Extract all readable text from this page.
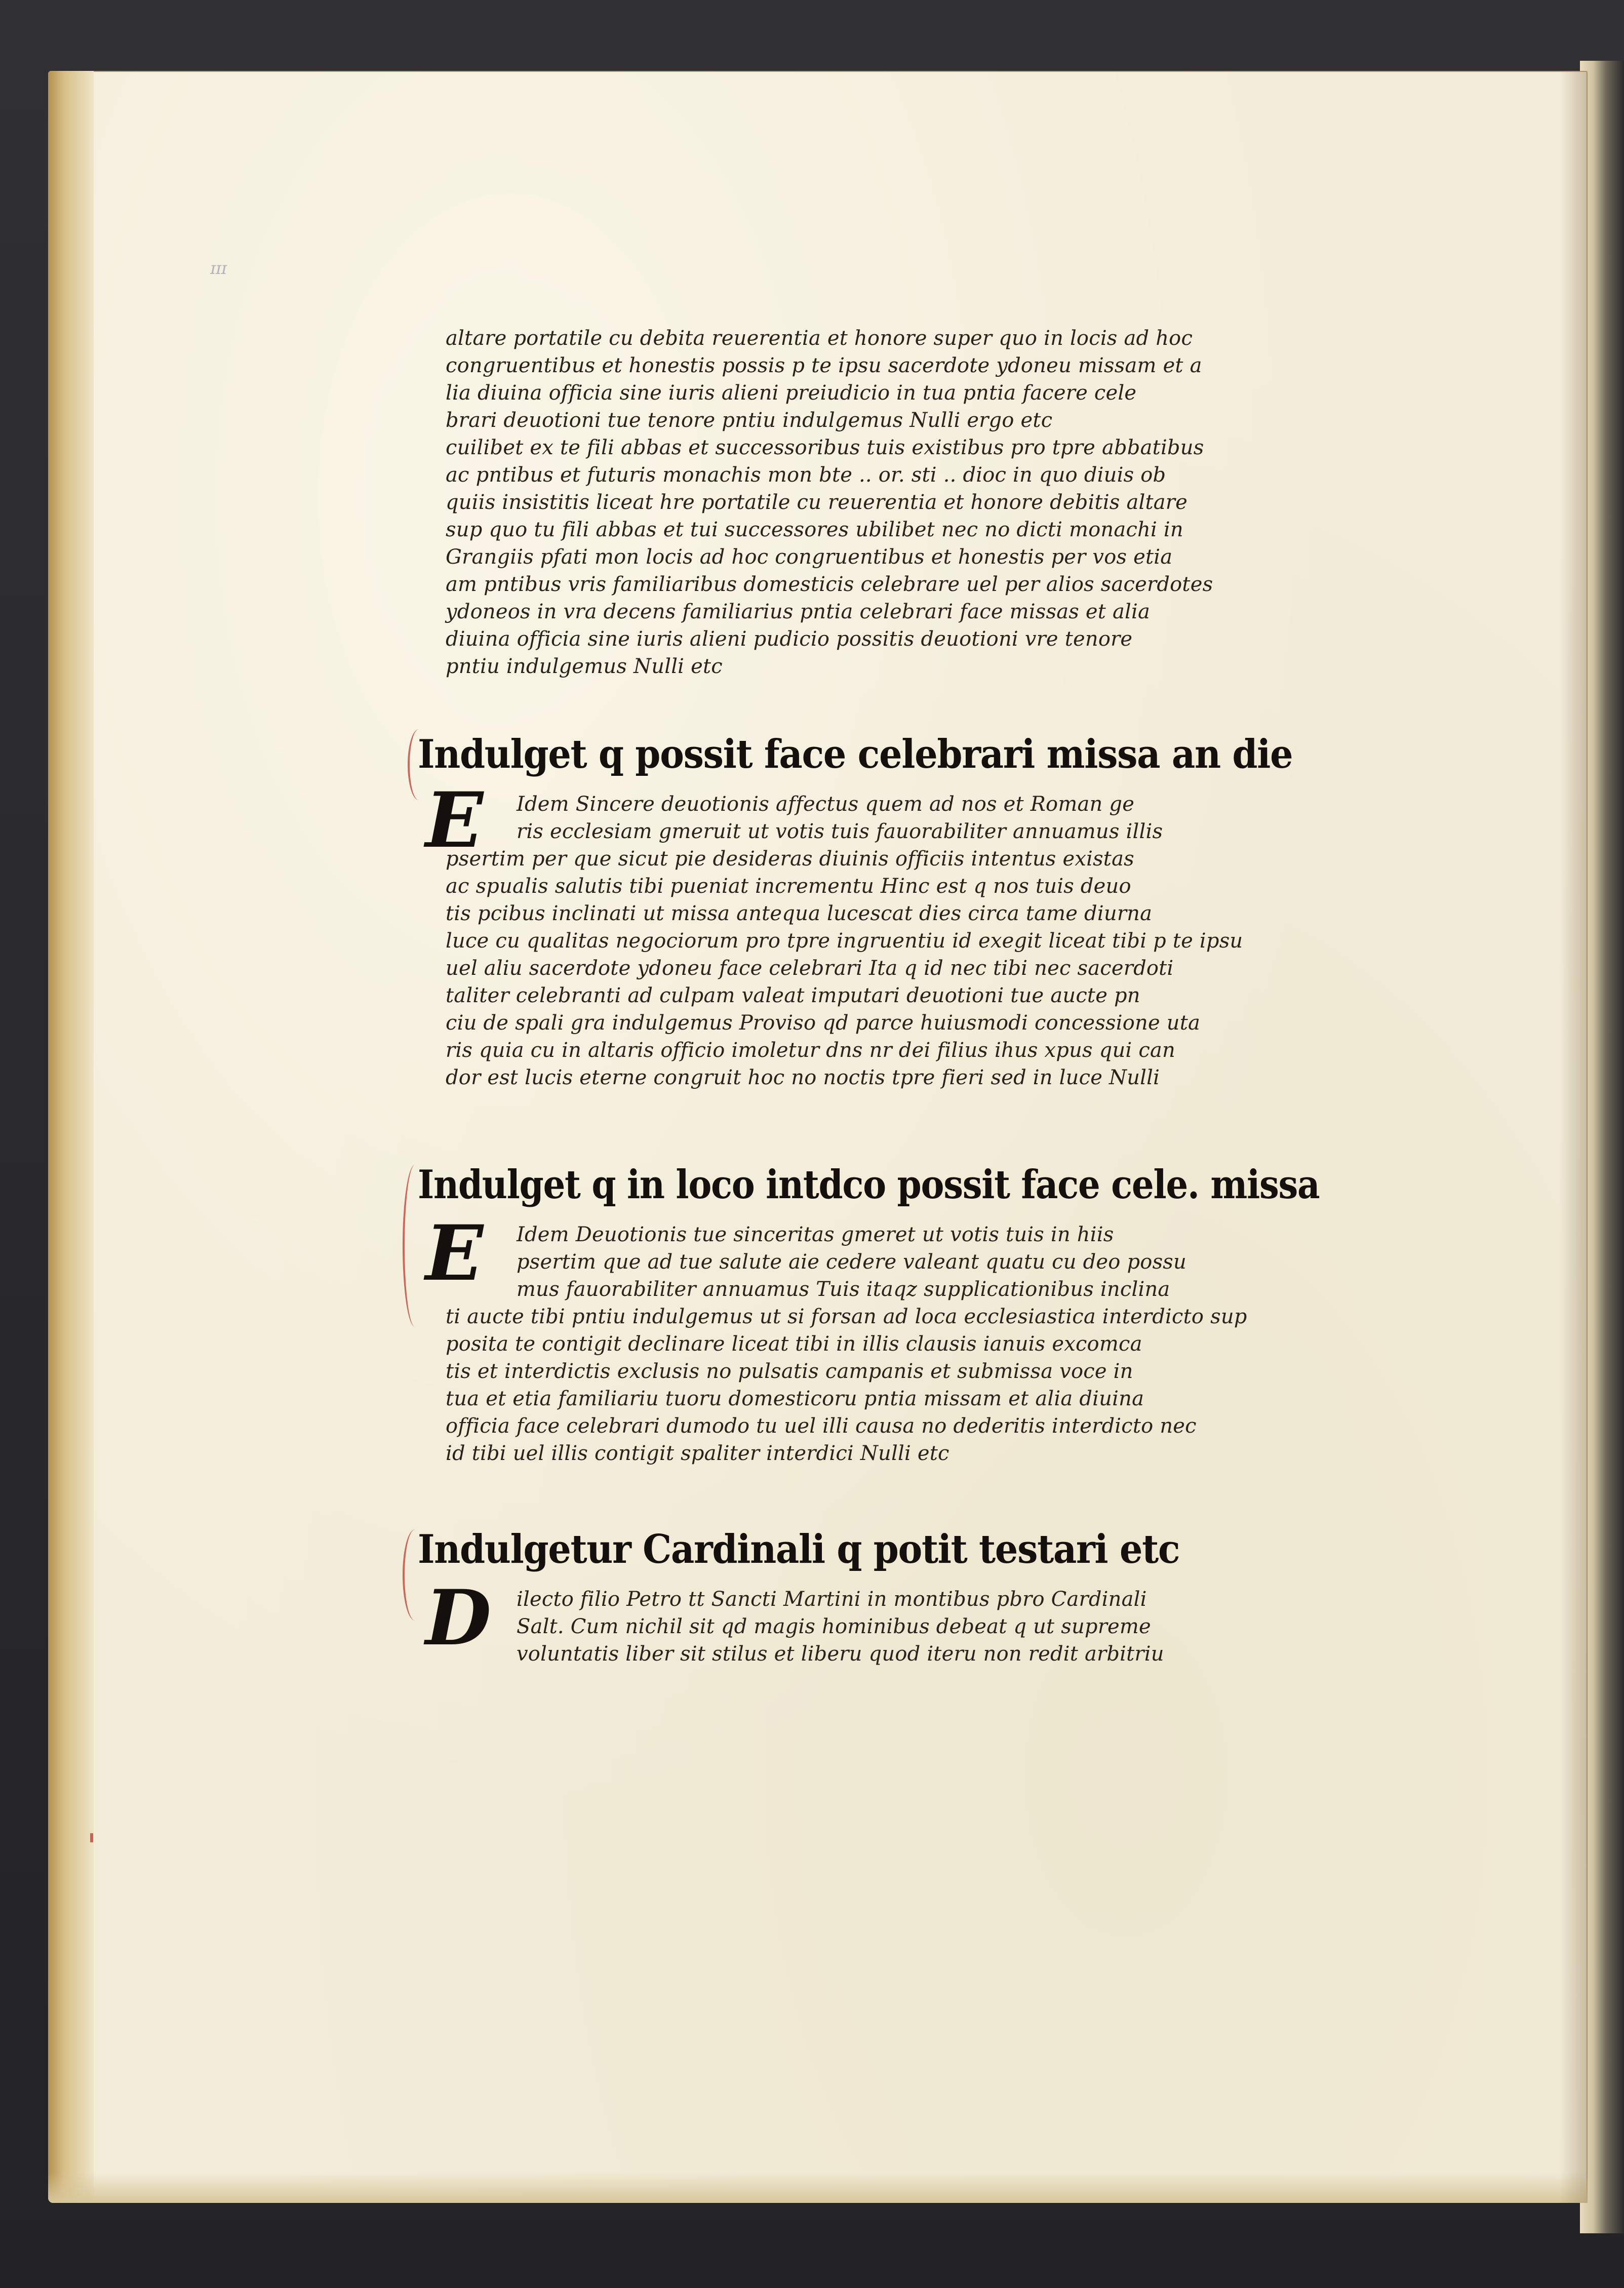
ɪɪɪ
altare portatile cu debita reuerentia et honore super quo in locis ad hoc
congruentibus et honestis possis p te ipsu sacerdote ydoneu missam et a
lia diuina officia sine iuris alieni preiudicio in tua pntia facere cele
brari deuotioni tue tenore pntiu indulgemus Nulli ergo etc
cuilibet ex te fili abbas et successoribus tuis existibus pro tpre abbatibus
ac pntibus et futuris monachis mon bte .. or. sti .. dioc in quo diuis ob
quiis insistitis liceat hre portatile cu reuerentia et honore debitis altare
sup quo tu fili abbas et tui successores ubilibet nec no dicti monachi in
Grangiis pfati mon locis ad hoc congruentibus et honestis per vos etia
am pntibus vris familiaribus domesticis celebrare uel per alios sacerdotes
ydoneos in vra decens familiarius pntia celebrari face missas et alia
diuina officia sine iuris alieni pudicio possitis deuotioni vre tenore
pntiu indulgemus Nulli etc
Indulget q possit face celebrari missa an die
E Idem Sincere deuotionis affectus quem ad nos et Roman ge
ris ecclesiam gmeruit ut votis tuis fauorabiliter annuamus illis
psertim per que sicut pie desideras diuinis officiis intentus existas
ac spualis salutis tibi pueniat incrementu Hinc est q nos tuis deuo
tis pcibus inclinati ut missa antequa lucescat dies circa tame diurna
luce cu qualitas negociorum pro tpre ingruentiu id exegit liceat tibi p te ipsu
uel aliu sacerdote ydoneu face celebrari Ita q id nec tibi nec sacerdoti
taliter celebranti ad culpam valeat imputari deuotioni tue aucte pn
ciu de spali gra indulgemus Proviso qd parce huiusmodi concessione uta
ris quia cu in altaris officio imoletur dns nr dei filius ihus xpus qui can
dor est lucis eterne congruit hoc no noctis tpre fieri sed in luce Nulli
Indulget q in loco intdco possit face cele. missa
E Idem Deuotionis tue sinceritas gmeret ut votis tuis in hiis
psertim que ad tue salute aie cedere valeant quatu cu deo possu
mus fauorabiliter annuamus Tuis itaqz supplicationibus inclina
ti aucte tibi pntiu indulgemus ut si forsan ad loca ecclesiastica interdicto sup
posita te contigit declinare liceat tibi in illis clausis ianuis excomca
tis et interdictis exclusis no pulsatis campanis et submissa voce in
tua et etia familiariu tuoru domesticoru pntia missam et alia diuina
officia face celebrari dumodo tu uel illi causa no dederitis interdicto nec
id tibi uel illis contigit spaliter interdici Nulli etc
Indulgetur Cardinali q potit testari etc
D ilecto filio Petro tt Sancti Martini in montibus pbro Cardinali
Salt. Cum nichil sit qd magis hominibus debeat q ut supreme
voluntatis liber sit stilus et liberu quod iteru non redit arbitriu
